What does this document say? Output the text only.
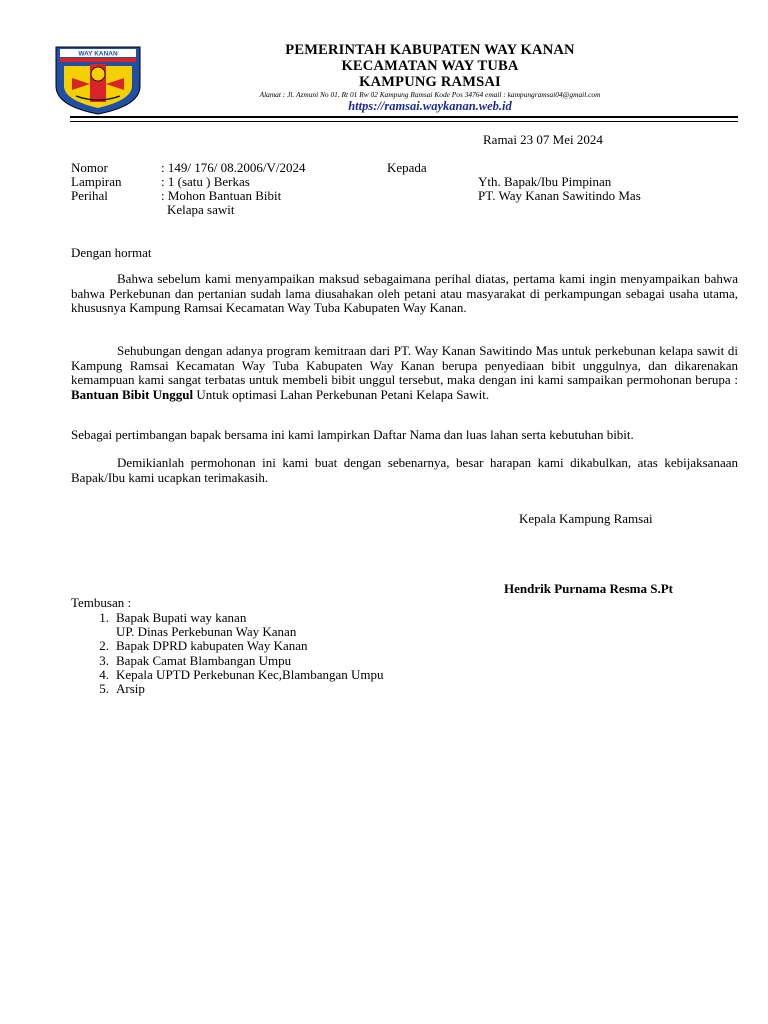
WAY KANAN	PEMERINTAH KABUPATEN WAY KANAN
KECAMATAN WAY TUBA
KAMPUNG RAMSAI
Alamat : Jl. Azmuni No 01, Rt 01 Rw 02 Kampung Ramsai Kode Pos 34764 email : kampungramsai04@gmail.com
https://ramsai.waykanan.web.id
Ramai 23 07 Mei 2024
Nomor	: 149/ 176/ 08.2006/V/2024
Lampiran	: 1 (satu ) Berkas
Perihal	: Mohon Bantuan Bibit
Kelapa sawit
Kepada
Yth. Bapak/Ibu Pimpinan
PT. Way Kanan Sawitindo Mas
Dengan hormat
Bahwa sebelum kami menyampaikan maksud sebagaimana perihal diatas, pertama kami ingin menyampaikan bahwa bahwa Perkebunan dan pertanian sudah lama diusahakan oleh petani atau masyarakat di perkampungan sebagai usaha utama, khususnya Kampung Ramsai Kecamatan Way Tuba Kabupaten Way Kanan.
Sehubungan dengan adanya program kemitraan dari PT. Way Kanan Sawitindo Mas untuk perkebunan kelapa sawit di Kampung Ramsai Kecamatan Way Tuba Kabupaten Way Kanan berupa penyediaan bibit unggulnya, dan dikarenakan kemampuan kami sangat terbatas untuk membeli bibit unggul tersebut, maka dengan ini kami sampaikan permohonan berupa : Bantuan Bibit Unggul Untuk optimasi Lahan Perkebunan Petani Kelapa Sawit.
Sebagai pertimbangan bapak bersama ini kami lampirkan Daftar Nama dan luas lahan serta kebutuhan bibit.
Demikianlah permohonan ini kami buat dengan sebenarnya, besar harapan kami dikabulkan, atas kebijaksanaan Bapak/Ibu kami ucapkan terimakasih.
Kepala Kampung Ramsai
Hendrik Purnama Resma S.Pt
Tembusan :
1. Bapak Bupati way kanan
UP. Dinas Perkebunan Way Kanan
2. Bapak DPRD kabupaten Way Kanan
3. Bapak Camat Blambangan Umpu
4. Kepala UPTD Perkebunan Kec,Blambangan Umpu
5. Arsip
